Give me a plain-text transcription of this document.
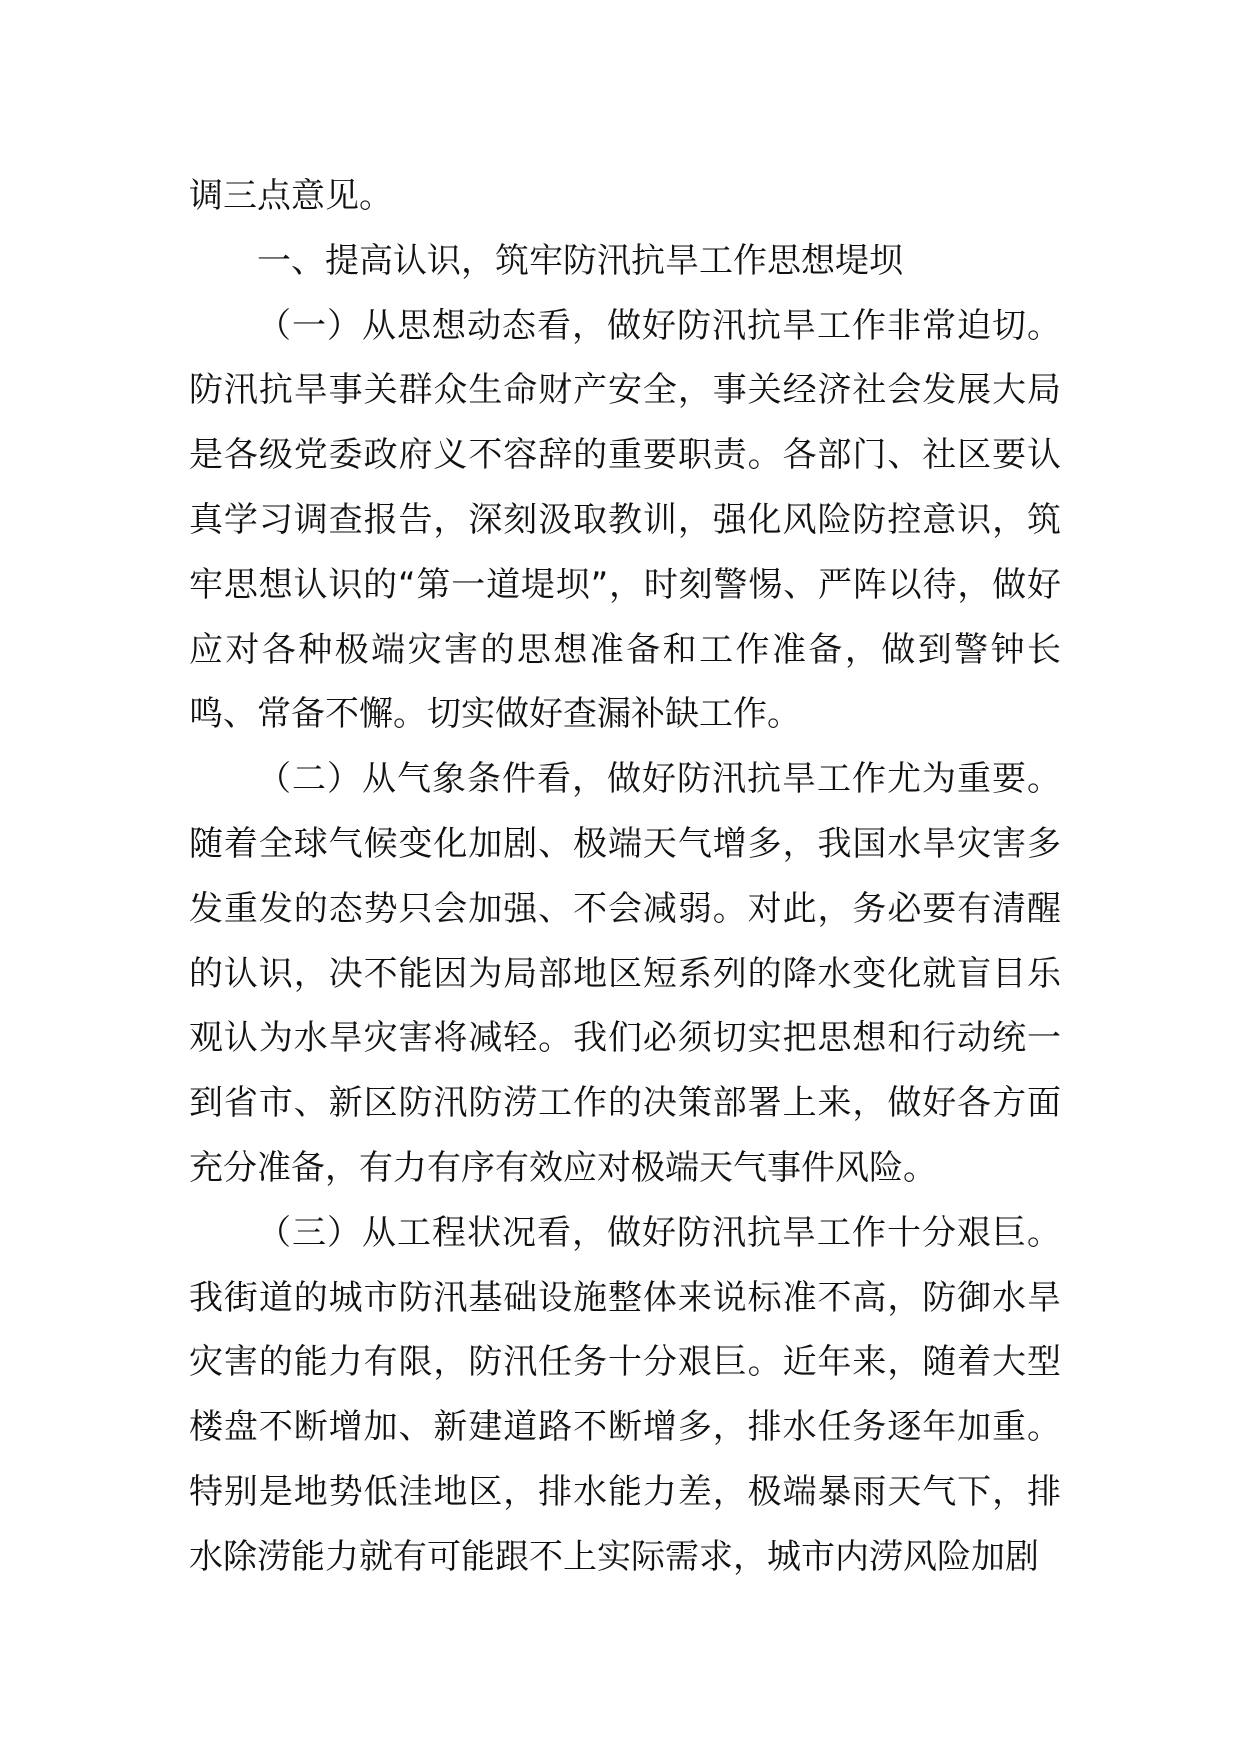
调三点意见。

一、提高认识，筑牢防汛抗旱工作思想堤坝

（一）从思想动态看，做好防汛抗旱工作非常迫切。防汛抗旱事关群众生命财产安全，事关经济社会发展大局是各级党委政府义不容辞的重要职责。各部门、社区要认真学习调查报告，深刻汲取教训，强化风险防控意识，筑牢思想认识的“第一道堤坝”，时刻警惕、严阵以待，做好应对各种极端灾害的思想准备和工作准备，做到警钟长鸣、常备不懈。切实做好查漏补缺工作。

（二）从气象条件看，做好防汛抗旱工作尤为重要。随着全球气候变化加剧、极端天气增多，我国水旱灾害多发重发的态势只会加强、不会减弱。对此，务必要有清醒的认识，决不能因为局部地区短系列的降水变化就盲目乐观认为水旱灾害将减轻。我们必须切实把思想和行动统一到省市、新区防汛防涝工作的决策部署上来，做好各方面充分准备，有力有序有效应对极端天气事件风险。

（三）从工程状况看，做好防汛抗旱工作十分艰巨。我街道的城市防汛基础设施整体来说标准不高，防御水旱灾害的能力有限，防汛任务十分艰巨。近年来，随着大型楼盘不断增加、新建道路不断增多，排水任务逐年加重。特别是地势低洼地区，排水能力差，极端暴雨天气下，排水除涝能力就有可能跟不上实际需求，城市内涝风险加剧
